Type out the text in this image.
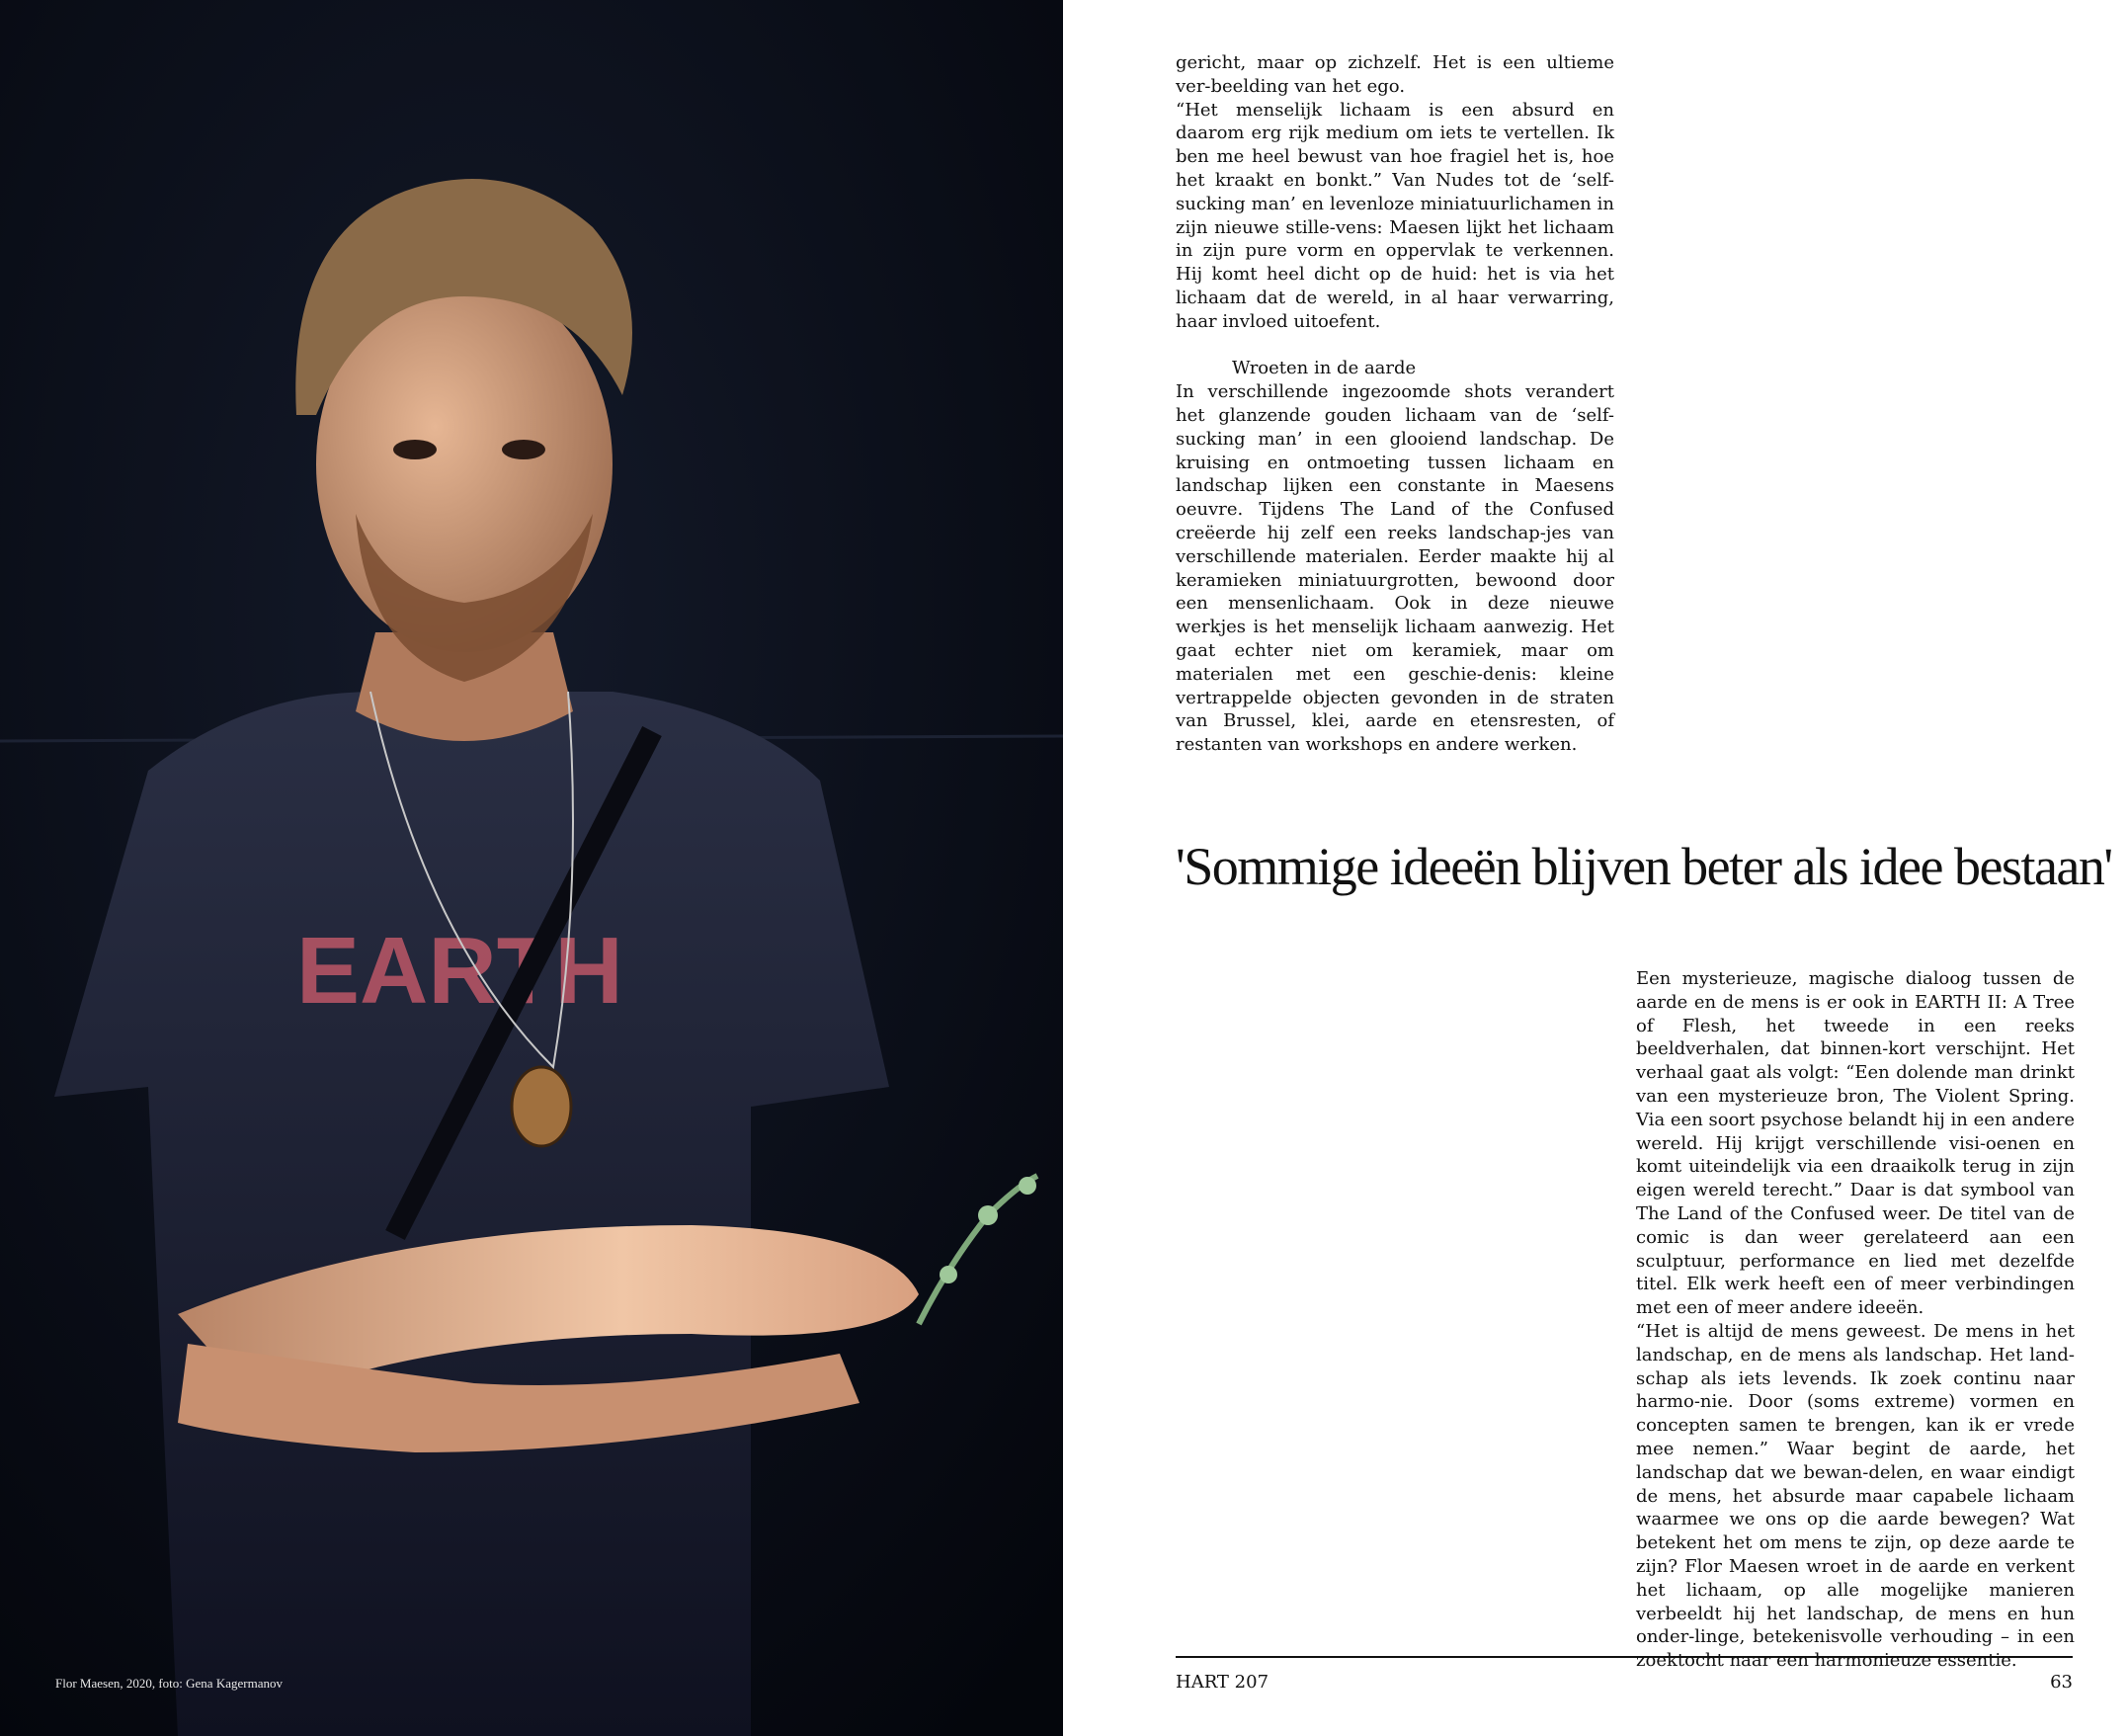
EARTH
Flor Maesen, 2020, foto: Gena Kagermanov

gericht, maar op zichzelf. Het is een ultieme ver-beelding van het ego.

“Het menselijk lichaam is een absurd en daarom erg rijk medium om iets te vertellen. Ik ben me heel bewust van hoe fragiel het is, hoe het kraakt en bonkt.” Van Nudes tot de ‘self-sucking man’ en levenloze miniatuurlichamen in zijn nieuwe stille-vens: Maesen lijkt het lichaam in zijn pure vorm en oppervlak te verkennen. Hij komt heel dicht op de huid: het is via het lichaam dat de wereld, in al haar verwarring, haar invloed uitoefent.

Wroeten in de aarde

In verschillende ingezoomde shots verandert het glanzende gouden lichaam van de ‘self-sucking man’ in een glooiend landschap. De kruising en ontmoeting tussen lichaam en landschap lijken een constante in Maesens oeuvre. Tijdens The Land of the Confused creëerde hij zelf een reeks landschap-jes van verschillende materialen. Eerder maakte hij al keramieken miniatuurgrotten, bewoond door een mensenlichaam. Ook in deze nieuwe werkjes is het menselijk lichaam aanwezig. Het gaat echter niet om keramiek, maar om materialen met een geschie-denis: kleine vertrappelde objecten gevonden in de straten van Brussel, klei, aarde en etensresten, of restanten van workshops en andere werken.

'Sommige ideeën blijven beter als idee bestaan'

Een mysterieuze, magische dialoog tussen de aarde en de mens is er ook in EARTH II: A Tree of Flesh, het tweede in een reeks beeldverhalen, dat binnen-kort verschijnt. Het verhaal gaat als volgt: “Een dolende man drinkt van een mysterieuze bron, The Violent Spring. Via een soort psychose belandt hij in een andere wereld. Hij krijgt verschillende visi-oenen en komt uiteindelijk via een draaikolk terug in zijn eigen wereld terecht.” Daar is dat symbool van The Land of the Confused weer. De titel van de comic is dan weer gerelateerd aan een sculptuur, performance en lied met dezelfde titel. Elk werk heeft een of meer verbindingen met een of meer andere ideeën.

“Het is altijd de mens geweest. De mens in het landschap, en de mens als landschap. Het land-schap als iets levends. Ik zoek continu naar harmo-nie. Door (soms extreme) vormen en concepten samen te brengen, kan ik er vrede mee nemen.” Waar begint de aarde, het landschap dat we bewan-delen, en waar eindigt de mens, het absurde maar capabele lichaam waarmee we ons op die aarde bewegen? Wat betekent het om mens te zijn, op deze aarde te zijn? Flor Maesen wroet in de aarde en verkent het lichaam, op alle mogelijke manieren verbeeldt hij het landschap, de mens en hun onder-linge, betekenisvolle verhouding – in een zoektocht naar een harmonieuze essentie.

HART 207	63
